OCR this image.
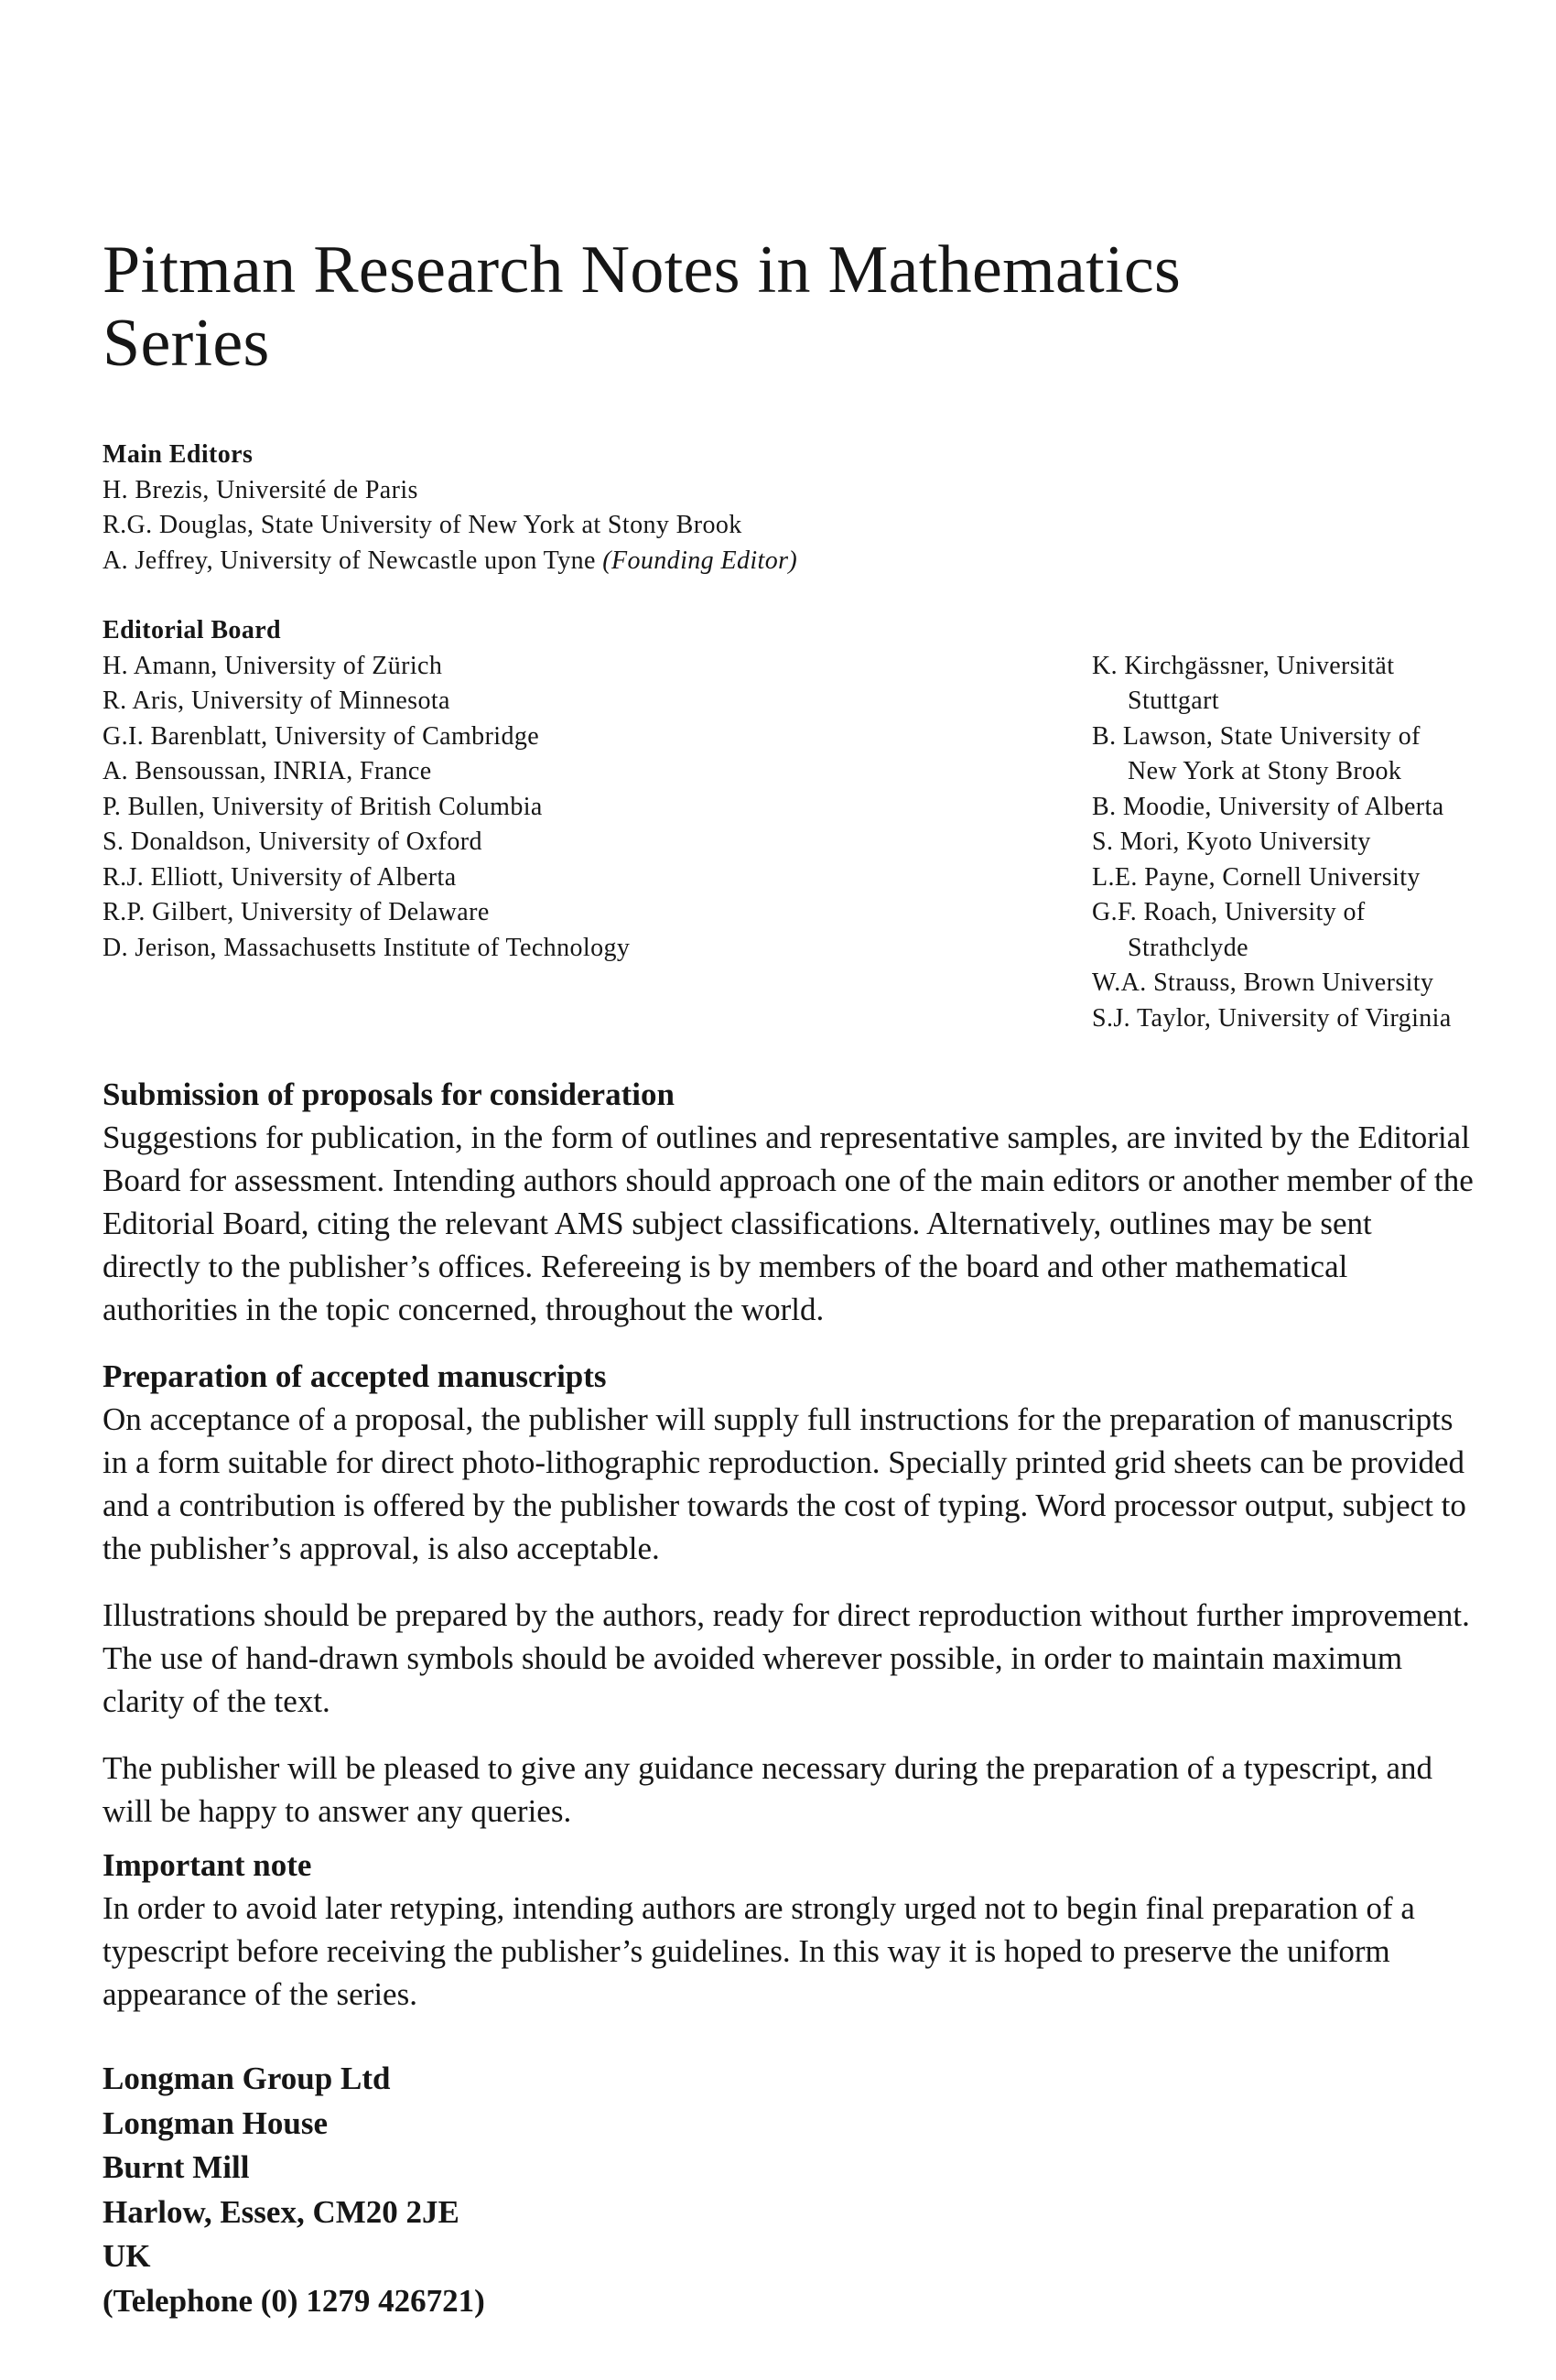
Pitman Research Notes in Mathematics
Series
Main Editors
H. Brezis, Université de Paris
R.G. Douglas, State University of New York at Stony Brook
A. Jeffrey, University of Newcastle upon Tyne (Founding Editor)
Editorial Board
H. Amann, University of Zürich
R. Aris, University of Minnesota
G.I. Barenblatt, University of Cambridge
A. Bensoussan, INRIA, France
P. Bullen, University of British Columbia
S. Donaldson, University of Oxford
R.J. Elliott, University of Alberta
R.P. Gilbert, University of Delaware
D. Jerison, Massachusetts Institute of Technology
K. Kirchgässner, Universität Stuttgart
B. Lawson, State University of New York at Stony Brook
B. Moodie, University of Alberta
S. Mori, Kyoto University
L.E. Payne, Cornell University
G.F. Roach, University of Strathclyde
W.A. Strauss, Brown University
S.J. Taylor, University of Virginia
Submission of proposals for consideration

Suggestions for publication, in the form of outlines and representative samples, are invited by the Editorial Board for assessment. Intending authors should approach one of the main editors or another member of the Editorial Board, citing the relevant AMS subject classifications. Alternatively, outlines may be sent directly to the publisher’s offices. Refereeing is by members of the board and other mathematical authorities in the topic concerned, throughout the world.

Preparation of accepted manuscripts

On acceptance of a proposal, the publisher will supply full instructions for the preparation of manuscripts in a form suitable for direct photo-lithographic reproduction. Specially printed grid sheets can be provided and a contribution is offered by the publisher towards the cost of typing. Word processor output, subject to the publisher’s approval, is also acceptable.

Illustrations should be prepared by the authors, ready for direct reproduction without further improvement. The use of hand-drawn symbols should be avoided wherever possible, in order to maintain maximum clarity of the text.

The publisher will be pleased to give any guidance necessary during the preparation of a typescript, and will be happy to answer any queries.

Important note

In order to avoid later retyping, intending authors are strongly urged not to begin final preparation of a typescript before receiving the publisher’s guidelines. In this way it is hoped to preserve the uniform appearance of the series.

Longman Group Ltd
Longman House
Burnt Mill
Harlow, Essex, CM20 2JE
UK
(Telephone (0) 1279 426721)
